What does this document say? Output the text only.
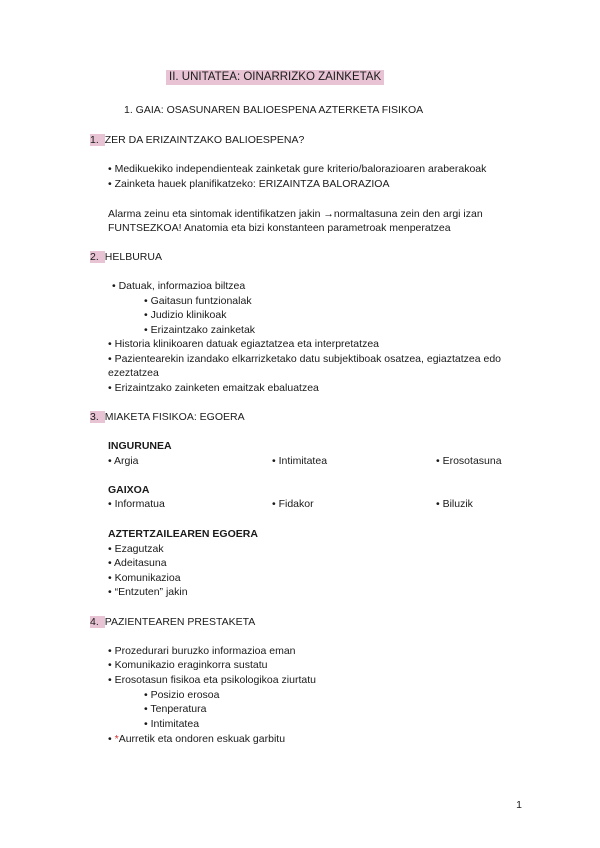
II. UNITATEA: OINARRIZKO ZAINKETAK
1. GAIA: OSASUNAREN BALIOESPENA AZTERKETA FISIKOA
1. ZER DA ERIZAINTZAKO BALIOESPENA?
• Medikuekiko independienteak zainketak gure kriterio/balorazioaren araberakoak
• Zainketa hauek planifikatzeko: ERIZAINTZA BALORAZIOA
Alarma zeinu eta sintomak identifikatzen jakin →normaltasuna zein den argi izan
FUNTSEZKOA! Anatomia eta bizi konstanteen parametroak menperatzea
2. HELBURUA
• Datuak, informazioa biltzea
• Gaitasun funtzionalak
• Judizio klinikoak
• Erizaintzako zainketak
• Historia klinikoaren datuak egiaztatzea eta interpretatzea
• Pazientearekin izandako elkarrizketako datu subjektiboak osatzea, egiaztatzea edo
ezeztatzea
• Erizaintzako zainketen emaitzak ebaluatzea
3. MIAKETA FISIKOA: EGOERA
INGURUNEA
• Argia	• Intimitatea	• Erosotasuna
GAIXOA
• Informatua	• Fidakor	• Biluzik
AZTERTZAILEAREN EGOERA
• Ezagutzak
• Adeitasuna
• Komunikazioa
• “Entzuten” jakin
4. PAZIENTEAREN PRESTAKETA
• Prozedurari buruzko informazioa eman
• Komunikazio eraginkorra sustatu
• Erosotasun fisikoa eta psikologikoa ziurtatu
• Posizio erosoa
• Tenperatura
• Intimitatea
• *Aurretik eta ondoren eskuak garbitu
1
